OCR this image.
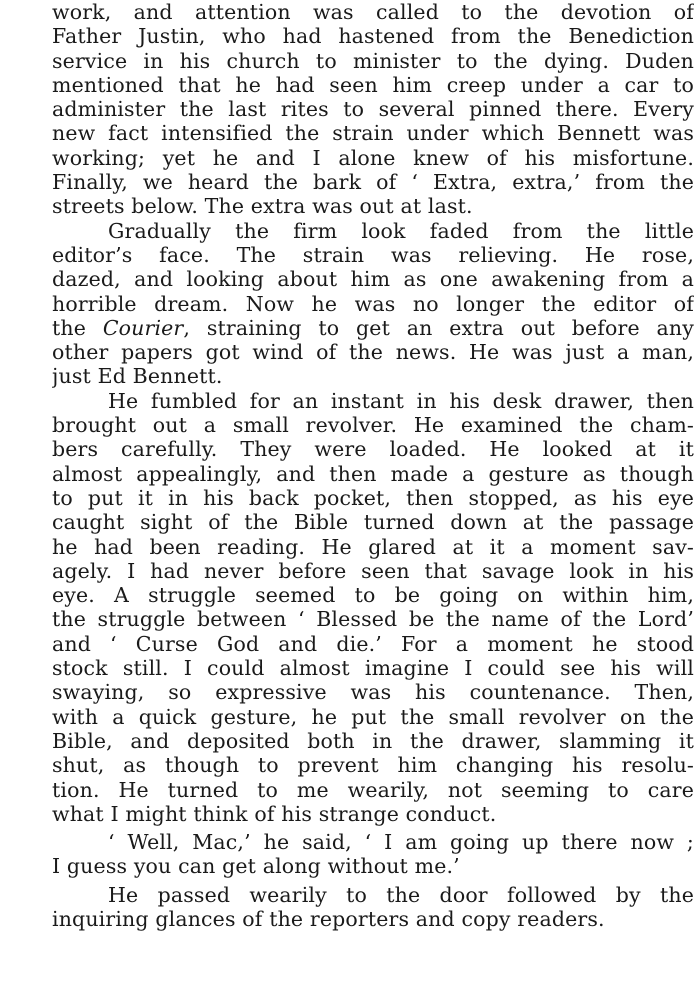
work, and attention was called to the devotion of
Father Justin, who had hastened from the Benediction
service in his church to minister to the dying. Duden
mentioned that he had seen him creep under a car to
administer the last rites to several pinned there. Every
new fact intensified the strain under which Bennett was
working; yet he and I alone knew of his misfortune.
Finally, we heard the bark of ‘ Extra, extra,’ from the
streets below. The extra was out at last.
Gradually the firm look faded from the little
editor’s face. The strain was relieving. He rose,
dazed, and looking about him as one awakening from a
horrible dream. Now he was no longer the editor of
the Courier, straining to get an extra out before any
other papers got wind of the news. He was just a man,
just Ed Bennett.
He fumbled for an instant in his desk drawer, then
brought out a small revolver. He examined the cham-
bers carefully. They were loaded. He looked at it
almost appealingly, and then made a gesture as though
to put it in his back pocket, then stopped, as his eye
caught sight of the Bible turned down at the passage
he had been reading. He glared at it a moment sav-
agely. I had never before seen that savage look in his
eye. A struggle seemed to be going on within him,
the struggle between ‘ Blessed be the name of the Lord’
and ‘ Curse God and die.’ For a moment he stood
stock still. I could almost imagine I could see his will
swaying, so expressive was his countenance. Then,
with a quick gesture, he put the small revolver on the
Bible, and deposited both in the drawer, slamming it
shut, as though to prevent him changing his resolu-
tion. He turned to me wearily, not seeming to care
what I might think of his strange conduct.
‘ Well, Mac,’ he said, ‘ I am going up there now ;
I guess you can get along without me.’
He passed wearily to the door followed by the
inquiring glances of the reporters and copy readers.
